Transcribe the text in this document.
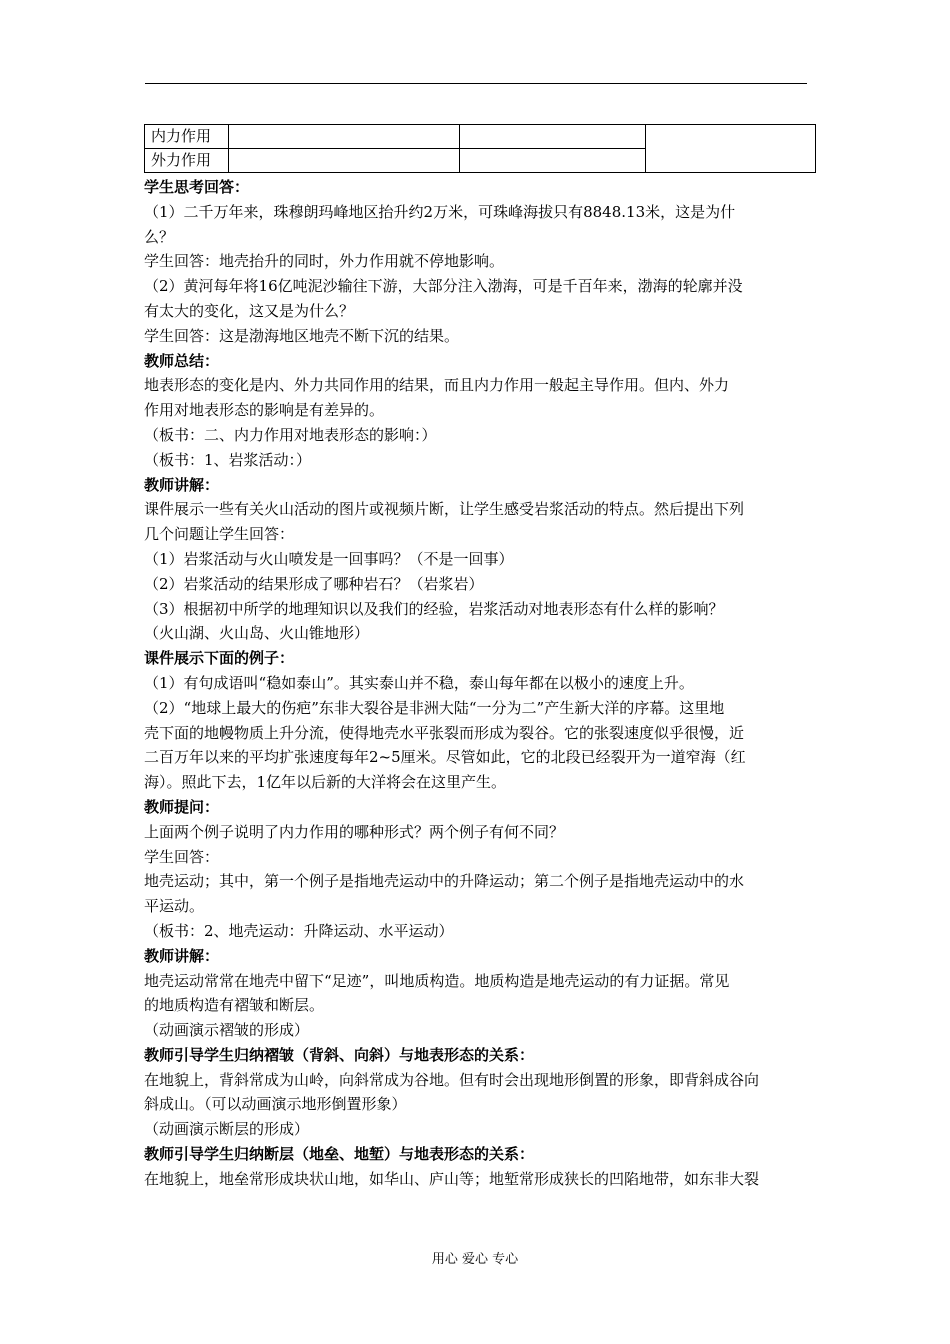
内力作用			
外力作用			
学生思考回答：
（1）二千万年来，珠穆朗玛峰地区抬升约2万米，可珠峰海拔只有8848.13米，这是为什
么？
学生回答：地壳抬升的同时，外力作用就不停地影响。
（2）黄河每年将16亿吨泥沙输往下游，大部分注入渤海，可是千百年来，渤海的轮廓并没
有太大的变化，这又是为什么？
学生回答：这是渤海地区地壳不断下沉的结果。
教师总结：
地表形态的变化是内、外力共同作用的结果，而且内力作用一般起主导作用。但内、外力
作用对地表形态的影响是有差异的。
（板书：二、内力作用对地表形态的影响：）
（板书：1、岩浆活动：）
教师讲解：
课件展示一些有关火山活动的图片或视频片断，让学生感受岩浆活动的特点。然后提出下列
几个问题让学生回答：
（1）岩浆活动与火山喷发是一回事吗？（不是一回事）
（2）岩浆活动的结果形成了哪种岩石？（岩浆岩）
（3）根据初中所学的地理知识以及我们的经验，岩浆活动对地表形态有什么样的影响？
（火山湖、火山岛、火山锥地形）
课件展示下面的例子：
（1）有句成语叫“稳如泰山”。其实泰山并不稳，泰山每年都在以极小的速度上升。
（2）“地球上最大的伤疤”东非大裂谷是非洲大陆“一分为二”产生新大洋的序幕。这里地
壳下面的地幔物质上升分流，使得地壳水平张裂而形成为裂谷。它的张裂速度似乎很慢，近
二百万年以来的平均扩张速度每年2~5厘米。尽管如此，它的北段已经裂开为一道窄海（红
海）。照此下去，1亿年以后新的大洋将会在这里产生。
教师提问：
上面两个例子说明了内力作用的哪种形式？两个例子有何不同？
学生回答：
地壳运动；其中，第一个例子是指地壳运动中的升降运动；第二个例子是指地壳运动中的水
平运动。
（板书：2、地壳运动：升降运动、水平运动）
教师讲解：
地壳运动常常在地壳中留下“足迹”，叫地质构造。地质构造是地壳运动的有力证据。常见
的地质构造有褶皱和断层。
（动画演示褶皱的形成）
教师引导学生归纳褶皱（背斜、向斜）与地表形态的关系：
在地貌上，背斜常成为山岭，向斜常成为谷地。但有时会出现地形倒置的形象，即背斜成谷向
斜成山。（可以动画演示地形倒置形象）
（动画演示断层的形成）
教师引导学生归纳断层（地垒、地堑）与地表形态的关系：
在地貌上，地垒常形成块状山地，如华山、庐山等；地堑常形成狭长的凹陷地带，如东非大裂
用心 爱心 专心
